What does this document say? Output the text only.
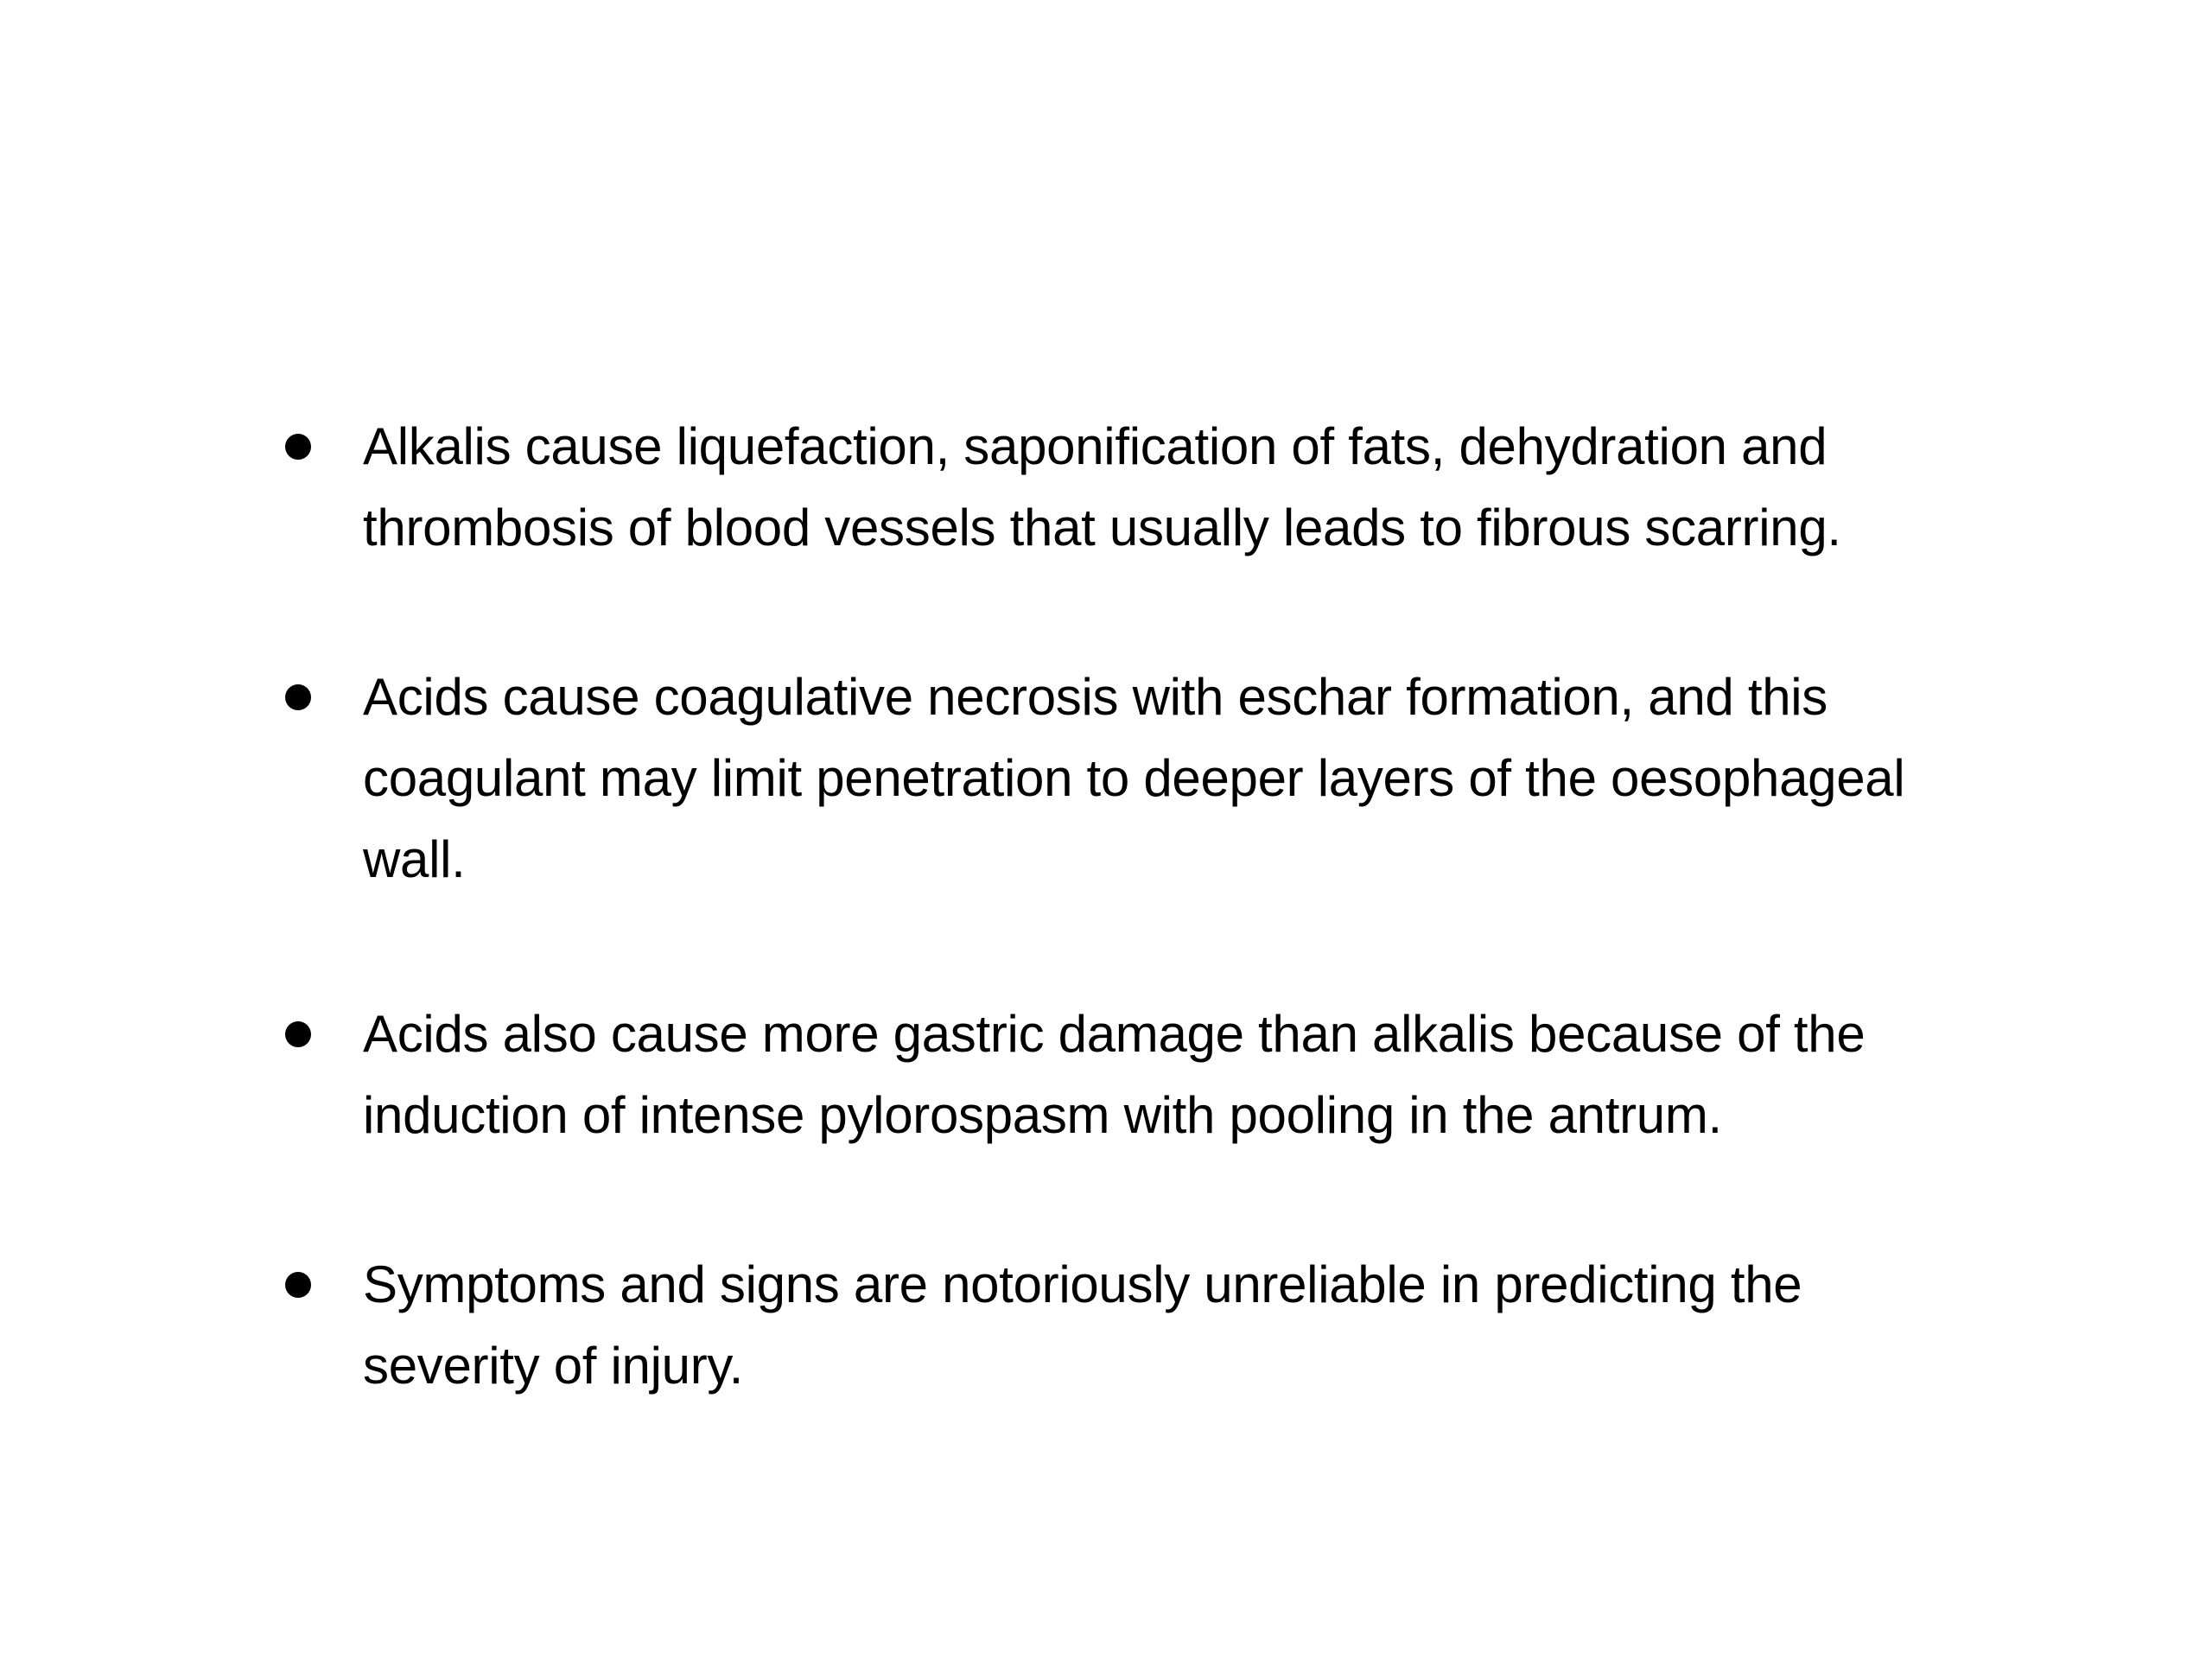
Alkalis cause liquefaction, saponification of fats, dehydration and thrombosis of blood vessels that usually leads to fibrous scarring.
Acids cause coagulative necrosis with eschar formation, and this coagulant may limit penetration to deeper layers of the oesophageal wall.
Acids also cause more gastric damage than alkalis because of the induction of intense pylorospasm with pooling in the antrum.
Symptoms and signs are notoriously unreliable in predicting the severity of injury.
